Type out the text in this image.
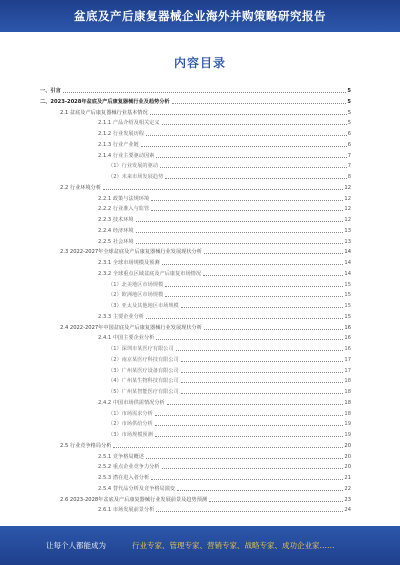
盆底及产后康复器械企业海外并购策略研究报告
内容目录
一、引言	5
二、2023-2028年盆底及产后康复器械行业及趋势分析	5
2.1 盆底及产后康复器械行业基本情况	5
2.1.1 产品介绍及相关定义	5
2.1.2 行业发展历程	6
2.1.3 行业产业链	6
2.1.4 行业主要驱动因素	7
（1）行业发展的驱动	7
（2）未来市场发展趋势	8
2.2 行业环境分析	12
2.2.1 政策与法规环境	12
2.2.2 行业准入与监管	12
2.2.3 技术环境	12
2.2.4 经济环境	13
2.2.5 社会环境	13
2.3 2022-2027年全球盆底及产后康复器械行业发展现状分析	14
2.3.1 全球市场规模及预测	14
2.3.2 全球重点区域盆底及产后康复市场情况	14
（1）北美地区市场规模	15
（2）欧洲地区市场规模	15
（3）亚太及其他地区市场规模	15
2.3.3 主要企业分析	15
2.4 2022-2027年中国盆底及产后康复器械行业发展现状分析	16
2.4.1 中国主要企业分析	16
（1）深圳市某医疗有限公司	16
（2）南京某医疗科技有限公司	17
（3）广州某医疗设备有限公司	17
（4）广州某生物科技有限公司	18
（5）广州某智能医疗有限公司	18
2.4.2 中国市场供需情况分析	18
（1）市场需求分析	18
（2）市场供给分析	19
（3）市场规模预测	19
2.5 行业竞争格局分析	20
2.5.1 竞争格局概述	20
2.5.2 重点企业竞争力分析	20
2.5.3 潜在进入者分析	21
2.5.4 替代品分析及竞争格局演变	22
2.6 2023-2028年盆底及产后康复器械行业发展前景及趋势预测	23
2.6.1 市场发展前景分析	24
让每个人都能成为	行业专家、管理专家、营销专家、战略专家、成功企业家……
